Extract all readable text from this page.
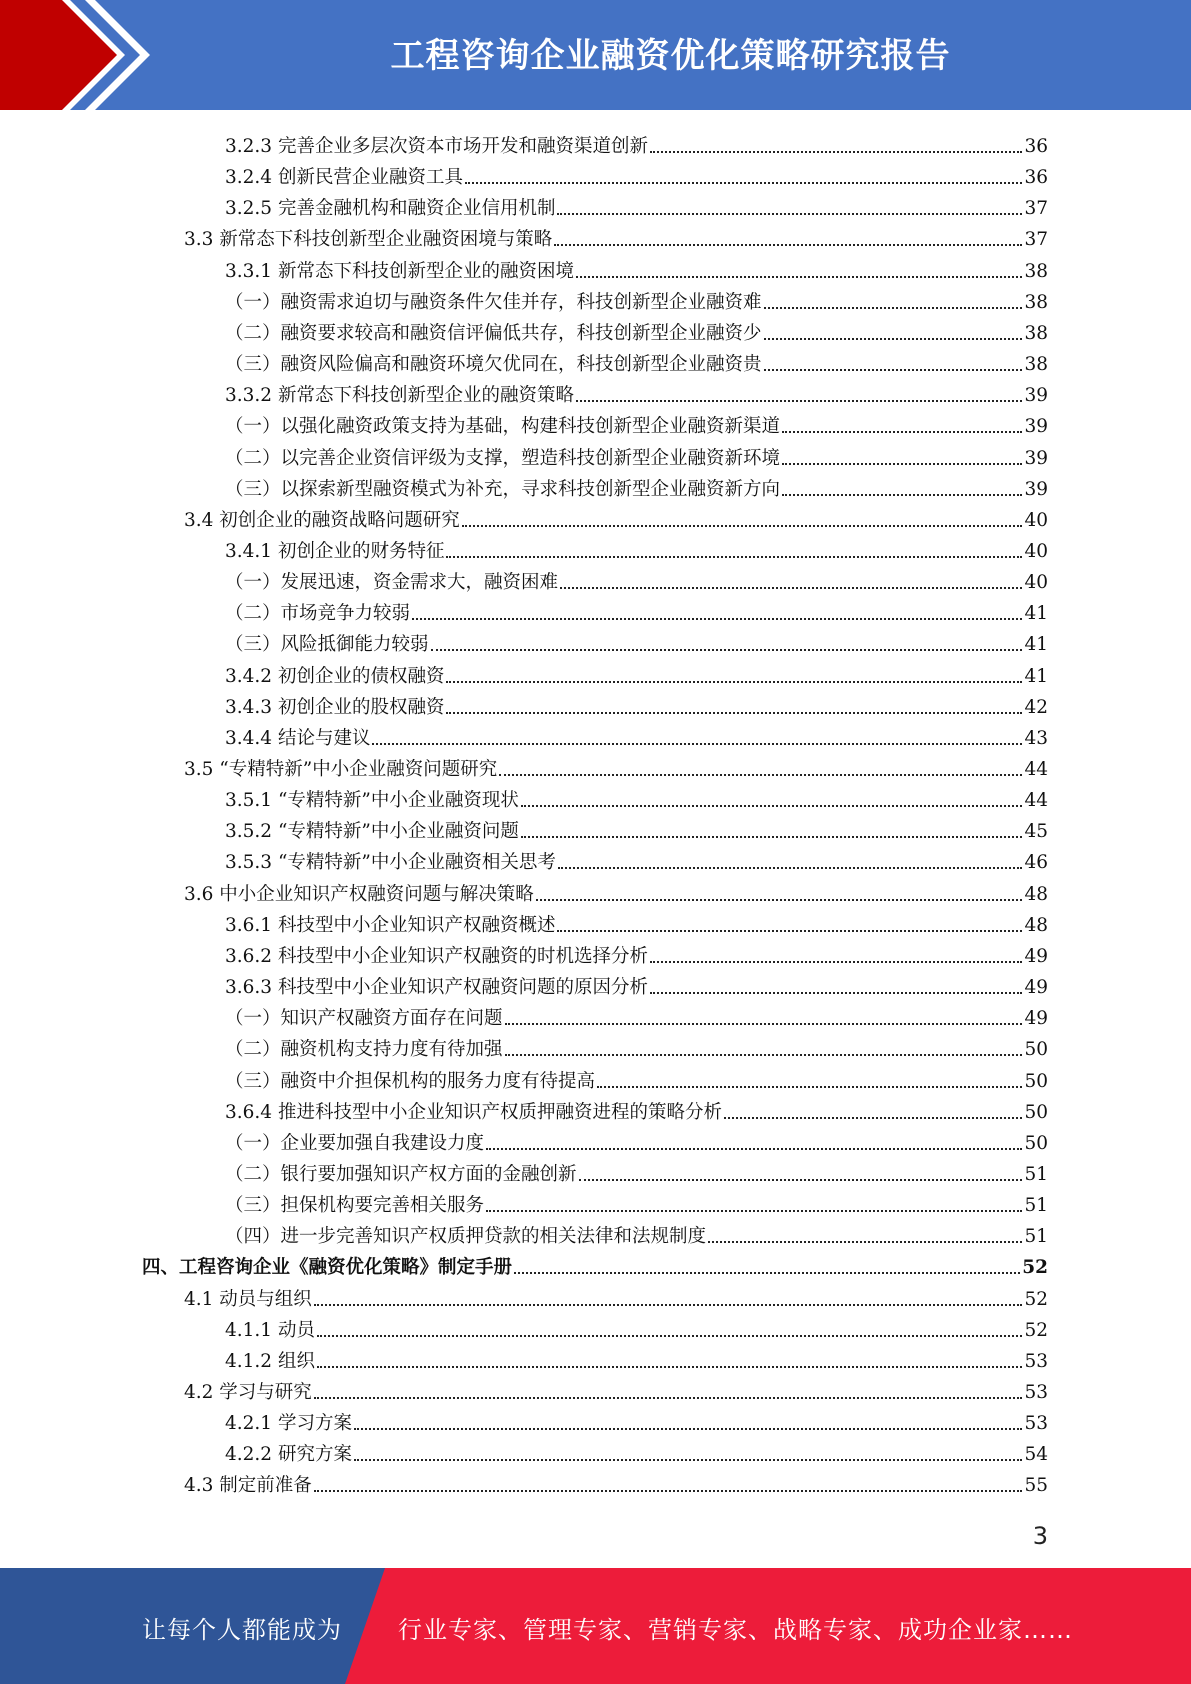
工程咨询企业融资优化策略研究报告
3.2.3 完善企业多层次资本市场开发和融资渠道创新	36
3.2.4 创新民营企业融资工具	36
3.2.5 完善金融机构和融资企业信用机制	37
3.3 新常态下科技创新型企业融资困境与策略	37
3.3.1 新常态下科技创新型企业的融资困境	38
（一）融资需求迫切与融资条件欠佳并存，科技创新型企业融资难	38
（二）融资要求较高和融资信评偏低共存，科技创新型企业融资少	38
（三）融资风险偏高和融资环境欠优同在，科技创新型企业融资贵	38
3.3.2 新常态下科技创新型企业的融资策略	39
（一）以强化融资政策支持为基础，构建科技创新型企业融资新渠道	39
（二）以完善企业资信评级为支撑，塑造科技创新型企业融资新环境	39
（三）以探索新型融资模式为补充，寻求科技创新型企业融资新方向	39
3.4 初创企业的融资战略问题研究	40
3.4.1 初创企业的财务特征	40
（一）发展迅速，资金需求大，融资困难	40
（二）市场竞争力较弱	41
（三）风险抵御能力较弱	41
3.4.2 初创企业的债权融资	41
3.4.3 初创企业的股权融资	42
3.4.4 结论与建议	43
3.5 “专精特新”中小企业融资问题研究	44
3.5.1 “专精特新”中小企业融资现状	44
3.5.2 “专精特新”中小企业融资问题	45
3.5.3 “专精特新”中小企业融资相关思考	46
3.6 中小企业知识产权融资问题与解决策略	48
3.6.1 科技型中小企业知识产权融资概述	48
3.6.2 科技型中小企业知识产权融资的时机选择分析	49
3.6.3 科技型中小企业知识产权融资问题的原因分析	49
（一）知识产权融资方面存在问题	49
（二）融资机构支持力度有待加强	50
（三）融资中介担保机构的服务力度有待提高	50
3.6.4 推进科技型中小企业知识产权质押融资进程的策略分析	50
（一）企业要加强自我建设力度	50
（二）银行要加强知识产权方面的金融创新	51
（三）担保机构要完善相关服务	51
（四）进一步完善知识产权质押贷款的相关法律和法规制度	51
四、工程咨询企业《融资优化策略》制定手册	52
4.1 动员与组织	52
4.1.1 动员	52
4.1.2 组织	53
4.2 学习与研究	53
4.2.1 学习方案	53
4.2.2 研究方案	54
4.3 制定前准备	55
3
让每个人都能成为 行业专家、管理专家、营销专家、战略专家、成功企业家……
